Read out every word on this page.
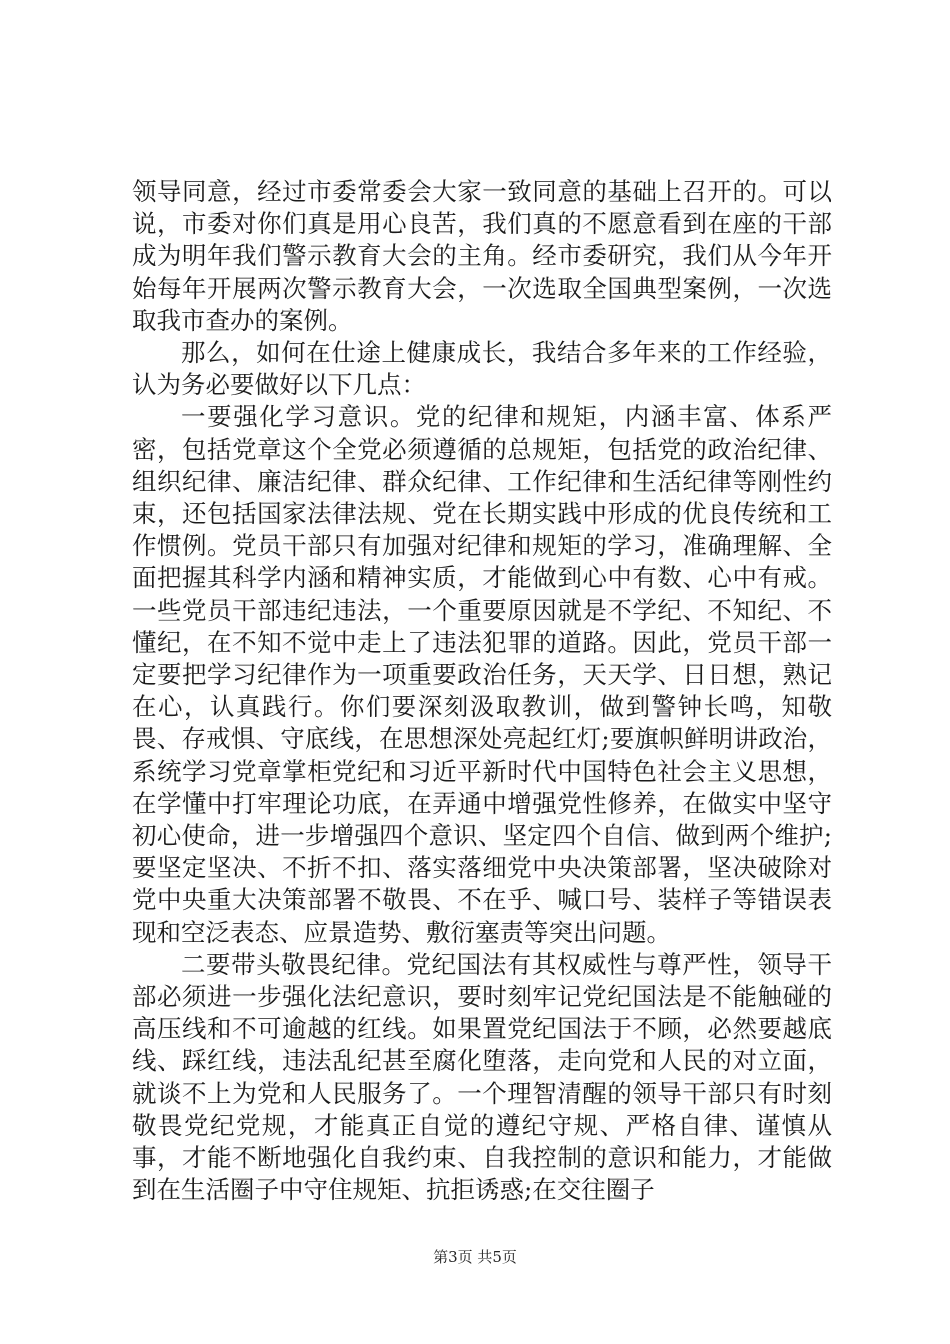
领导同意，经过市委常委会大家一致同意的基础上召开的。可以说，市委对你们真是用心良苦，我们真的不愿意看到在座的干部成为明年我们警示教育大会的主角。经市委研究，我们从今年开始每年开展两次警示教育大会，一次选取全国典型案例，一次选取我市查办的案例。

那么，如何在仕途上健康成长，我结合多年来的工作经验，认为务必要做好以下几点：

一要强化学习意识。党的纪律和规矩，内涵丰富、体系严密，包括党章这个全党必须遵循的总规矩，包括党的政治纪律、组织纪律、廉洁纪律、群众纪律、工作纪律和生活纪律等刚性约束，还包括国家法律法规、党在长期实践中形成的优良传统和工作惯例。党员干部只有加强对纪律和规矩的学习，准确理解、全面把握其科学内涵和精神实质，才能做到心中有数、心中有戒。一些党员干部违纪违法，一个重要原因就是不学纪、不知纪、不懂纪，在不知不觉中走上了违法犯罪的道路。因此，党员干部一定要把学习纪律作为一项重要政治任务，天天学、日日想，熟记在心，认真践行。你们要深刻汲取教训，做到警钟长鸣，知敬畏、存戒惧、守底线，在思想深处亮起红灯;要旗帜鲜明讲政治，系统学习党章掌柜党纪和习近平新时代中国特色社会主义思想，在学懂中打牢理论功底，在弄通中增强党性修养，在做实中坚守初心使命，进一步增强四个意识、坚定四个自信、做到两个维护;要坚定坚决、不折不扣、落实落细党中央决策部署，坚决破除对党中央重大决策部署不敬畏、不在乎、喊口号、装样子等错误表现和空泛表态、应景造势、敷衍塞责等突出问题。

二要带头敬畏纪律。党纪国法有其权威性与尊严性，领导干部必须进一步强化法纪意识，要时刻牢记党纪国法是不能触碰的高压线和不可逾越的红线。如果置党纪国法于不顾，必然要越底线、踩红线，违法乱纪甚至腐化堕落，走向党和人民的对立面，就谈不上为党和人民服务了。一个理智清醒的领导干部只有时刻敬畏党纪党规，才能真正自觉的遵纪守规、严格自律、谨慎从事，才能不断地强化自我约束、自我控制的意识和能力，才能做到在生活圈子中守住规矩、抗拒诱惑;在交往圈子

第3页 共5页
